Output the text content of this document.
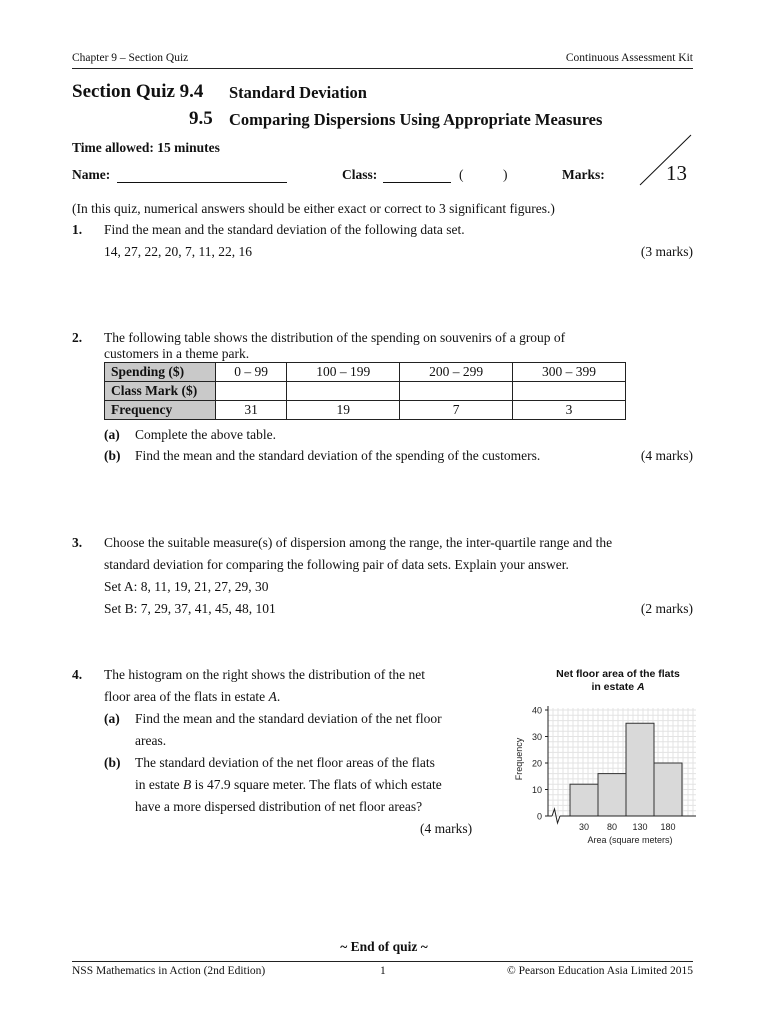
Chapter 9 – Section Quiz	Continuous Assessment Kit
Section Quiz 9.4 Standard Deviation
9.5 Comparing Dispersions Using Appropriate Measures
Time allowed: 15 minutes
Name:	Class:	(	)	Marks:	13
(In this quiz, numerical answers should be either exact or correct to 3 significant figures.)
1. Find the mean and the standard deviation of the following data set.
14, 27, 22, 20, 7, 11, 22, 16	(3 marks)
2. The following table shows the distribution of the spending on souvenirs of a group of
customers in a theme park.
Spending ($)	0 – 99	100 – 199	200 – 299	300 – 399
Class Mark ($)				
Frequency	31	19	7	3
(a) Complete the above table.
(b) Find the mean and the standard deviation of the spending of the customers.	(4 marks)
3. Choose the suitable measure(s) of dispersion among the range, the inter-quartile range and the
standard deviation for comparing the following pair of data sets. Explain your answer.
Set A: 8, 11, 19, 21, 27, 29, 30
Set B: 7, 29, 37, 41, 45, 48, 101	(2 marks)
4. The histogram on the right shows the distribution of the net
floor area of the flats in estate A.
(a) Find the mean and the standard deviation of the net floor
areas.
(b) The standard deviation of the net floor areas of the flats
in estate B is 47.9 square meter. The flats of which estate
have a more dispersed distribution of net floor areas?
(4 marks)
Net floor area of the flats
in estate A
0
10
20
30
40
30 80 130 180
Frequency
Area (square meters)
~ End of quiz ~
NSS Mathematics in Action (2nd Edition)	1	© Pearson Education Asia Limited 2015
